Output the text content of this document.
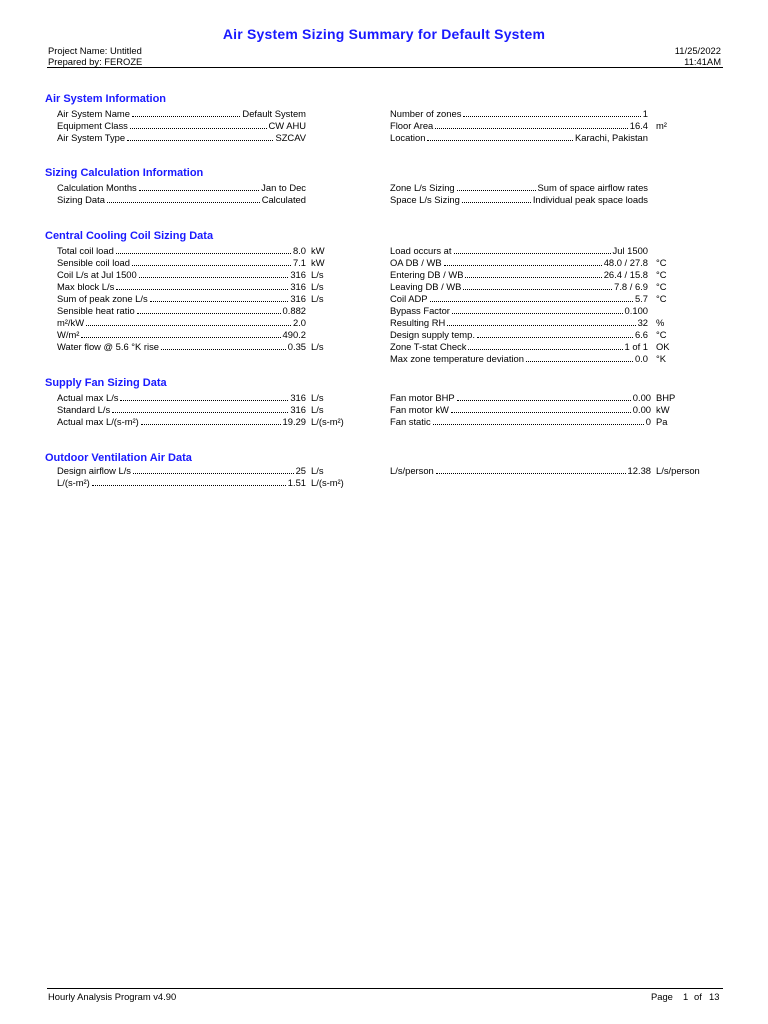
Air System Sizing Summary for Default System
Project Name: Untitled
Prepared by: FEROZE
11/25/2022
11:41AM
Air System Information
Air System Name	Default System
Equipment Class	CW AHU
Air System Type	SZCAV
Number of zones	1
Floor Area	16.4 m²
Location	Karachi, Pakistan
Sizing Calculation Information
Calculation Months	Jan to Dec
Sizing Data	Calculated
Zone L/s Sizing	Sum of space airflow rates
Space L/s Sizing	Individual peak space loads
Central Cooling Coil Sizing Data
Total coil load	8.0 kW
Sensible coil load	7.1 kW
Coil L/s at Jul 1500	316 L/s
Max block L/s	316 L/s
Sum of peak zone L/s	316 L/s
Sensible heat ratio	0.882
m²/kW	2.0
W/m²	490.2
Water flow @ 5.6 °K rise	0.35 L/s
Load occurs at	Jul 1500
OA DB / WB	48.0 / 27.8 °C
Entering DB / WB	26.4 / 15.8 °C
Leaving DB / WB	7.8 / 6.9 °C
Coil ADP	5.7 °C
Bypass Factor	0.100
Resulting RH	32 %
Design supply temp.	6.6 °C
Zone T-stat Check	1 of 1 OK
Max zone temperature deviation	0.0 °K
Supply Fan Sizing Data
Actual max L/s	316 L/s
Standard L/s	316 L/s
Actual max L/(s-m²)	19.29 L/(s-m²)
Fan motor BHP	0.00 BHP
Fan motor kW	0.00 kW
Fan static	0 Pa
Outdoor Ventilation Air Data
Design airflow L/s	25 L/s
L/(s-m²)	1.51 L/(s-m²)
L/s/person	12.38 L/s/person
Hourly Analysis Program v4.90	Page 1 of 13
